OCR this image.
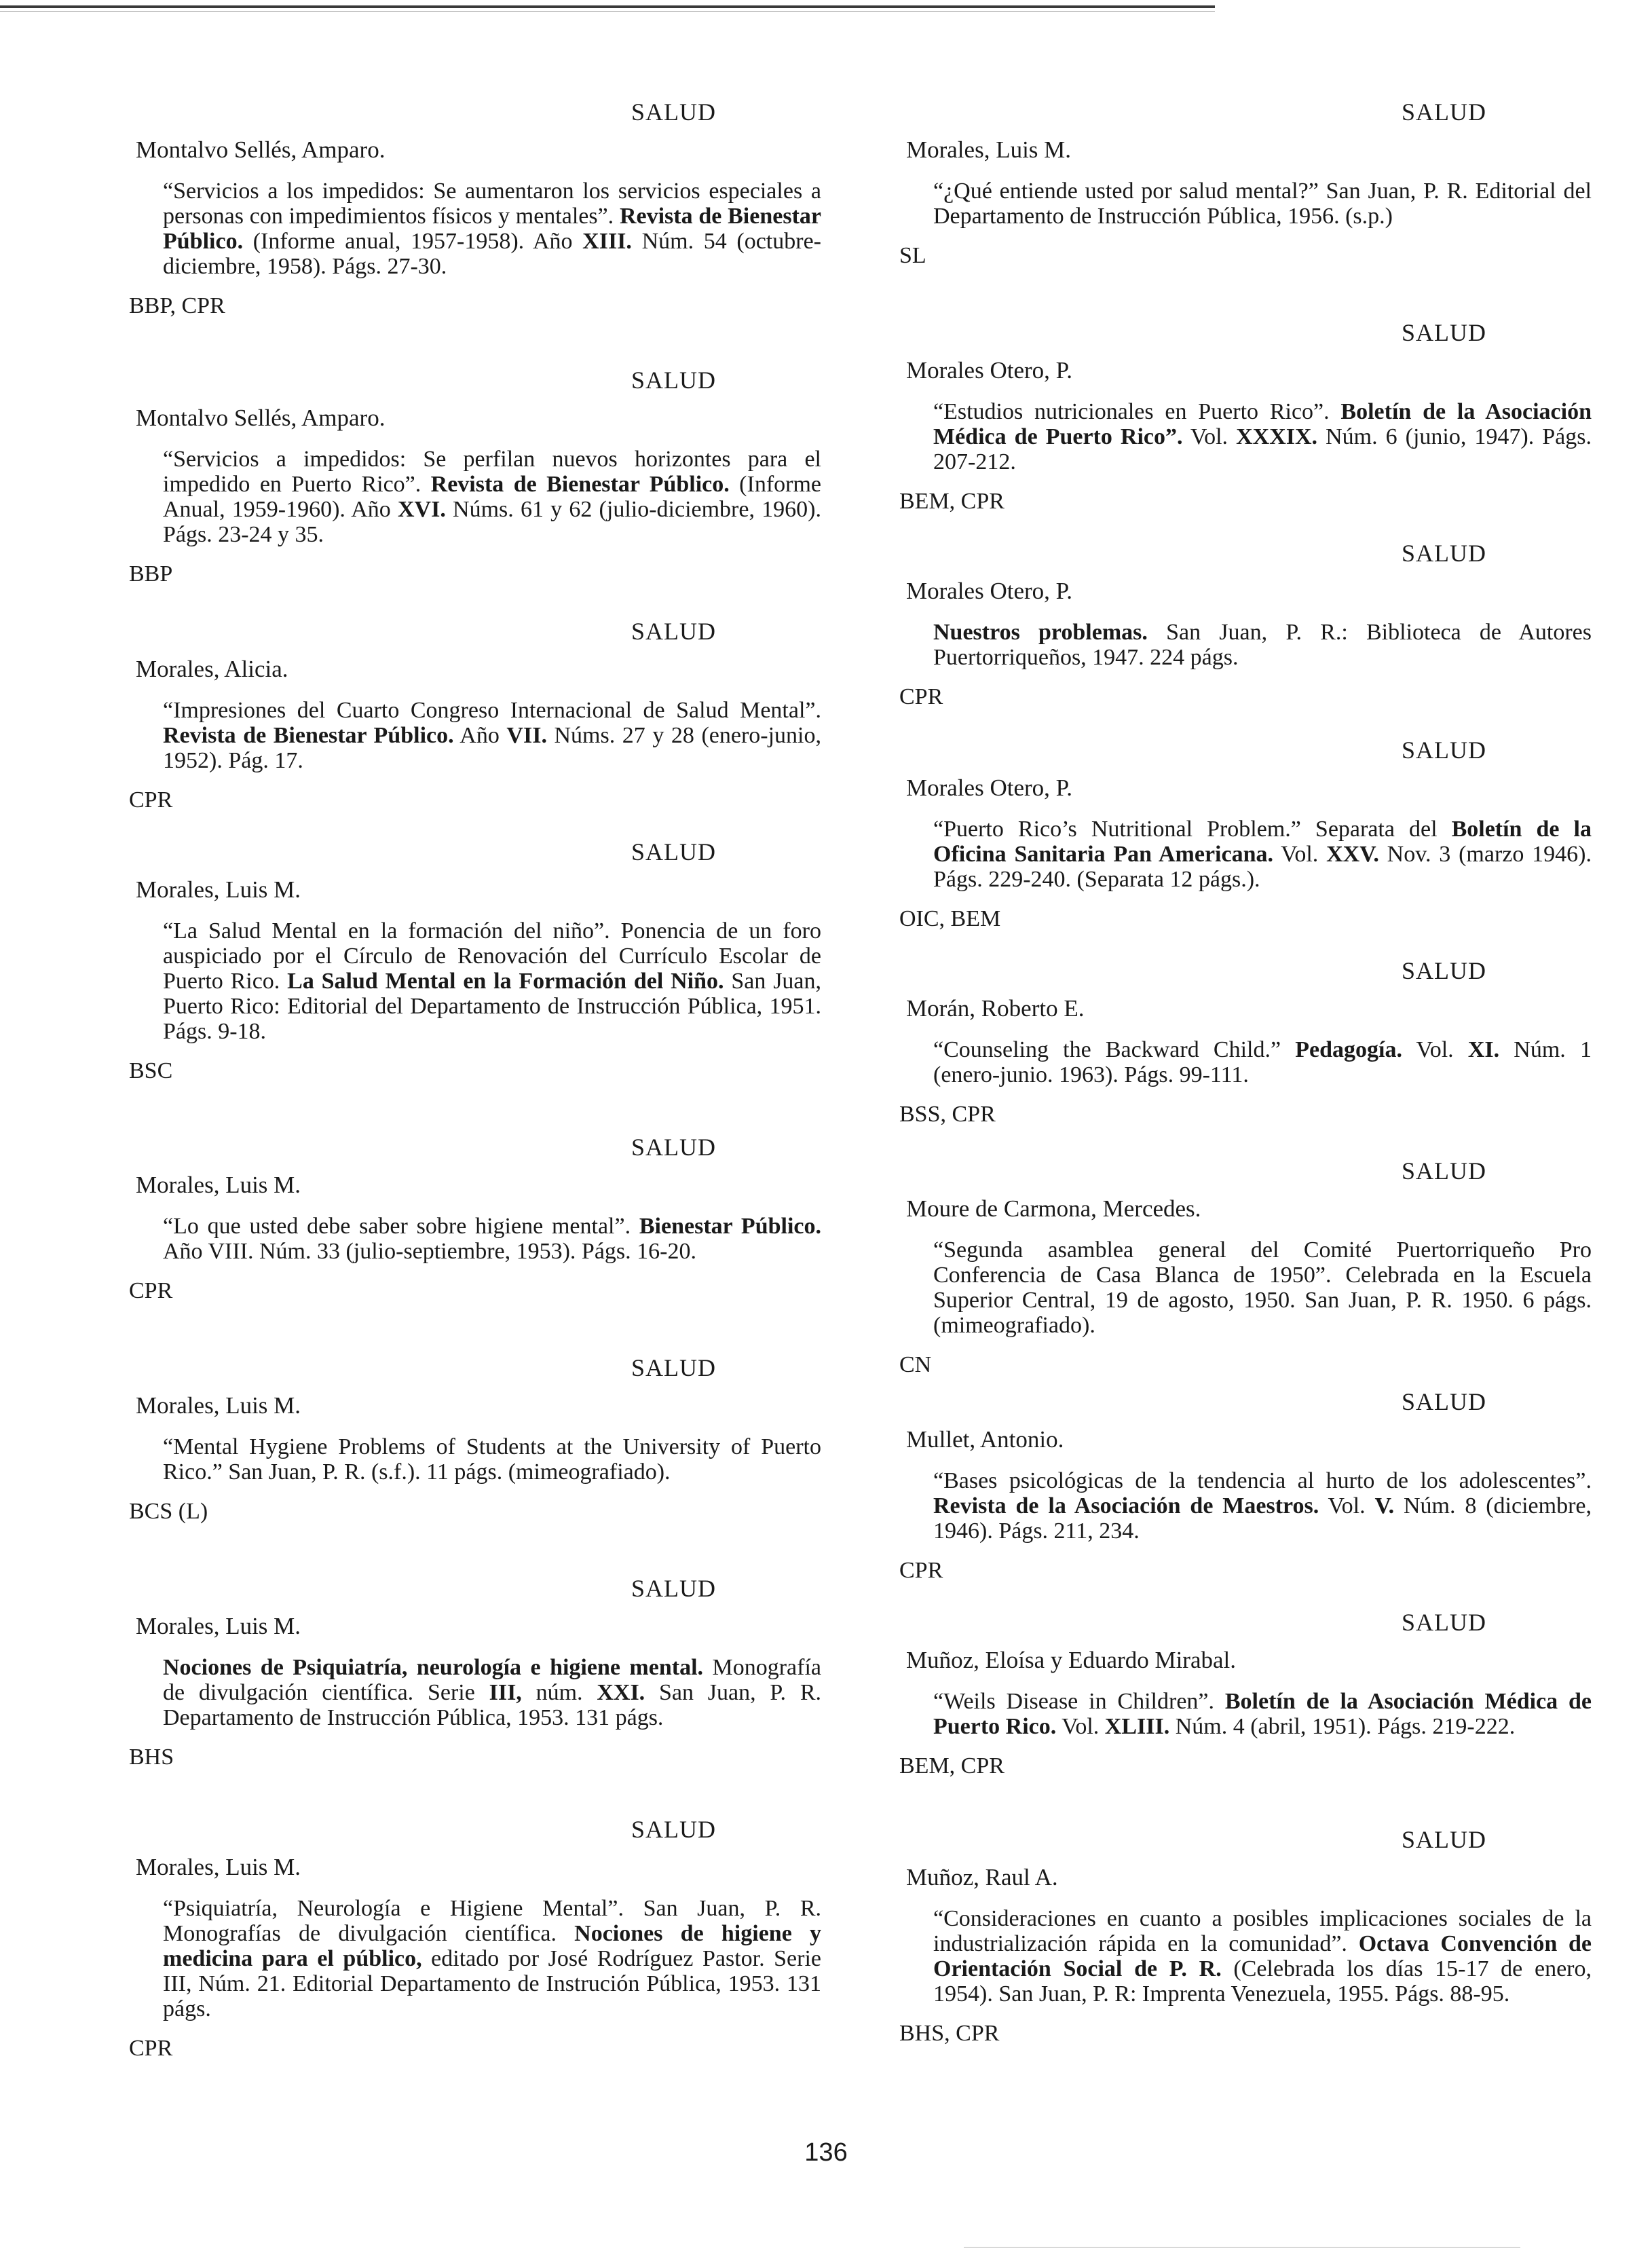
SALUD
Montalvo Sellés, Amparo.
“Servicios a los impedidos: Se aumentaron los servicios especiales a personas con impedimientos físicos y mentales”. Revista de Bienestar Público. (Informe anual, 1957-1958). Año XIII. Núm. 54 (octubre-diciembre, 1958). Págs. 27-30.
BBP, CPR
SALUD
Montalvo Sellés, Amparo.
“Servicios a impedidos: Se perfilan nuevos horizontes para el impedido en Puerto Rico”. Revista de Bienestar Público. (Informe Anual, 1959-1960). Año XVI. Núms. 61 y 62 (julio-diciembre, 1960). Págs. 23-24 y 35.
BBP
SALUD
Morales, Alicia.
“Impresiones del Cuarto Congreso Internacional de Salud Mental”. Revista de Bienestar Público. Año VII. Núms. 27 y 28 (enero-junio, 1952). Pág. 17.
CPR
SALUD
Morales, Luis M.
“La Salud Mental en la formación del niño”. Ponencia de un foro auspiciado por el Círculo de Renovación del Currículo Escolar de Puerto Rico. La Salud Mental en la Formación del Niño. San Juan, Puerto Rico: Editorial del Departamento de Instrucción Pública, 1951. Págs. 9-18.
BSC
SALUD
Morales, Luis M.
“Lo que usted debe saber sobre higiene mental”. Bienestar Público. Año VIII. Núm. 33 (julio-septiembre, 1953). Págs. 16-20.
CPR
SALUD
Morales, Luis M.
“Mental Hygiene Problems of Students at the University of Puerto Rico.” San Juan, P. R. (s.f.). 11 págs. (mimeografiado).
BCS (L)
SALUD
Morales, Luis M.
Nociones de Psiquiatría, neurología e higiene mental. Monografía de divulgación científica. Serie III, núm. XXI. San Juan, P. R. Departamento de Instrucción Pública, 1953. 131 págs.
BHS
SALUD
Morales, Luis M.
“Psiquiatría, Neurología e Higiene Mental”. San Juan, P. R. Monografías de divulgación científica. Nociones de higiene y medicina para el público, editado por José Rodríguez Pastor. Serie III, Núm. 21. Editorial Departamento de Instrución Pública, 1953. 131 págs.
CPR
SALUD
Morales, Luis M.
“¿Qué entiende usted por salud mental?” San Juan, P. R. Editorial del Departamento de Instrucción Pública, 1956. (s.p.)
SL
SALUD
Morales Otero, P.
“Estudios nutricionales en Puerto Rico”. Boletín de la Asociación Médica de Puerto Rico”. Vol. XXXIX. Núm. 6 (junio, 1947). Págs. 207-212.
BEM, CPR
SALUD
Morales Otero, P.
Nuestros problemas. San Juan, P. R.: Biblioteca de Autores Puertorriqueños, 1947. 224 págs.
CPR
SALUD
Morales Otero, P.
“Puerto Rico’s Nutritional Problem.” Separata del Boletín de la Oficina Sanitaria Pan Americana. Vol. XXV. Nov. 3 (marzo 1946). Págs. 229-240. (Separata 12 págs.).
OIC, BEM
SALUD
Morán, Roberto E.
“Counseling the Backward Child.” Pedagogía. Vol. XI. Núm. 1 (enero-junio. 1963). Págs. 99-111.
BSS, CPR
SALUD
Moure de Carmona, Mercedes.
“Segunda asamblea general del Comité Puertorriqueño Pro Conferencia de Casa Blanca de 1950”. Celebrada en la Escuela Superior Central, 19 de agosto, 1950. San Juan, P. R. 1950. 6 págs. (mimeografiado).
CN
SALUD
Mullet, Antonio.
“Bases psicológicas de la tendencia al hurto de los adolescentes”. Revista de la Asociación de Maestros. Vol. V. Núm. 8 (diciembre, 1946). Págs. 211, 234.
CPR
SALUD
Muñoz, Eloísa y Eduardo Mirabal.
“Weils Disease in Children”. Boletín de la Asociación Médica de Puerto Rico. Vol. XLIII. Núm. 4 (abril, 1951). Págs. 219-222.
BEM, CPR
SALUD
Muñoz, Raul A.
“Consideraciones en cuanto a posibles implicaciones sociales de la industrialización rápida en la comunidad”. Octava Convención de Orientación Social de P. R. (Celebrada los días 15-17 de enero, 1954). San Juan, P. R: Imprenta Venezuela, 1955. Págs. 88-95.
BHS, CPR
136
